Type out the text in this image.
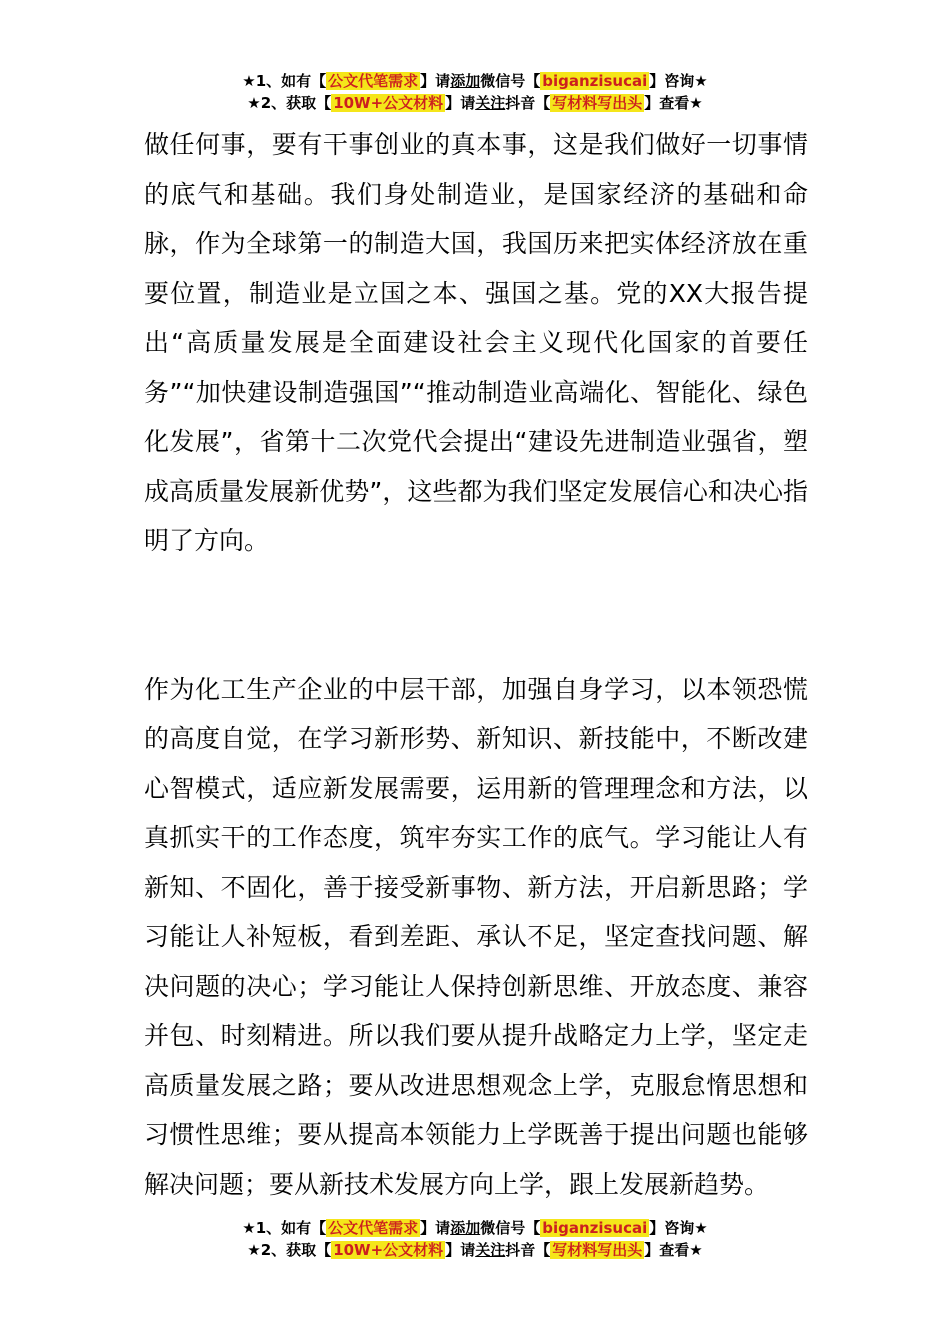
★1、如有【 公文代笔需求 】请添加微信号【 biganzisucai 】咨询★
★2、获取【 10W+公文材料 】请关注抖音【 写材料写出头 】查看★

做任何事，要有干事创业的真本事，这是我们做好一切事情的底气和基础。我们身处制造业，是国家经济的基础和命脉，作为全球第一的制造大国，我国历来把实体经济放在重要位置，制造业是立国之本、强国之基。党的XX大报告提出“高质量发展是全面建设社会主义现代化国家的首要任务”“加快建设制造强国”“推动制造业高端化、智能化、绿色化发展”，省第十二次党代会提出“建设先进制造业强省，塑成高质量发展新优势”，这些都为我们坚定发展信心和决心指明了方向。

作为化工生产企业的中层干部，加强自身学习，以本领恐慌的高度自觉，在学习新形势、新知识、新技能中，不断改建心智模式，适应新发展需要，运用新的管理理念和方法，以真抓实干的工作态度，筑牢夯实工作的底气。学习能让人有新知、不固化，善于接受新事物、新方法，开启新思路；学习能让人补短板，看到差距、承认不足，坚定查找问题、解决问题的决心；学习能让人保持创新思维、开放态度、兼容并包、时刻精进。所以我们要从提升战略定力上学，坚定走高质量发展之路；要从改进思想观念上学，克服怠惰思想和习惯性思维；要从提高本领能力上学既善于提出问题也能够解决问题；要从新技术发展方向上学，跟上发展新趋势。

★1、如有【 公文代笔需求 】请添加微信号【 biganzisucai 】咨询★
★2、获取【 10W+公文材料 】请关注抖音【 写材料写出头 】查看★
